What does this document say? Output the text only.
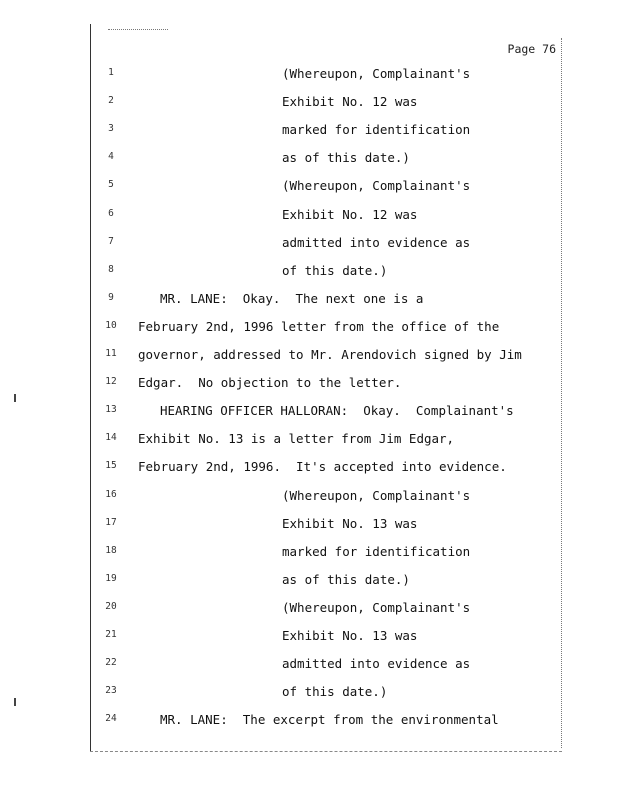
Page 76
1	(Whereupon, Complainant's
2	Exhibit No. 12 was
3	marked for identification
4	as of this date.)
5	(Whereupon, Complainant's
6	Exhibit No. 12 was
7	admitted into evidence as
8	of this date.)
9	MR. LANE:  Okay.  The next one is a
10	February 2nd, 1996 letter from the office of the
11	governor, addressed to Mr. Arendovich signed by Jim
12	Edgar.  No objection to the letter.
13	HEARING OFFICER HALLORAN:  Okay.  Complainant's
14	Exhibit No. 13 is a letter from Jim Edgar,
15	February 2nd, 1996.  It's accepted into evidence.
16	(Whereupon, Complainant's
17	Exhibit No. 13 was
18	marked for identification
19	as of this date.)
20	(Whereupon, Complainant's
21	Exhibit No. 13 was
22	admitted into evidence as
23	of this date.)
24	MR. LANE:  The excerpt from the environmental
